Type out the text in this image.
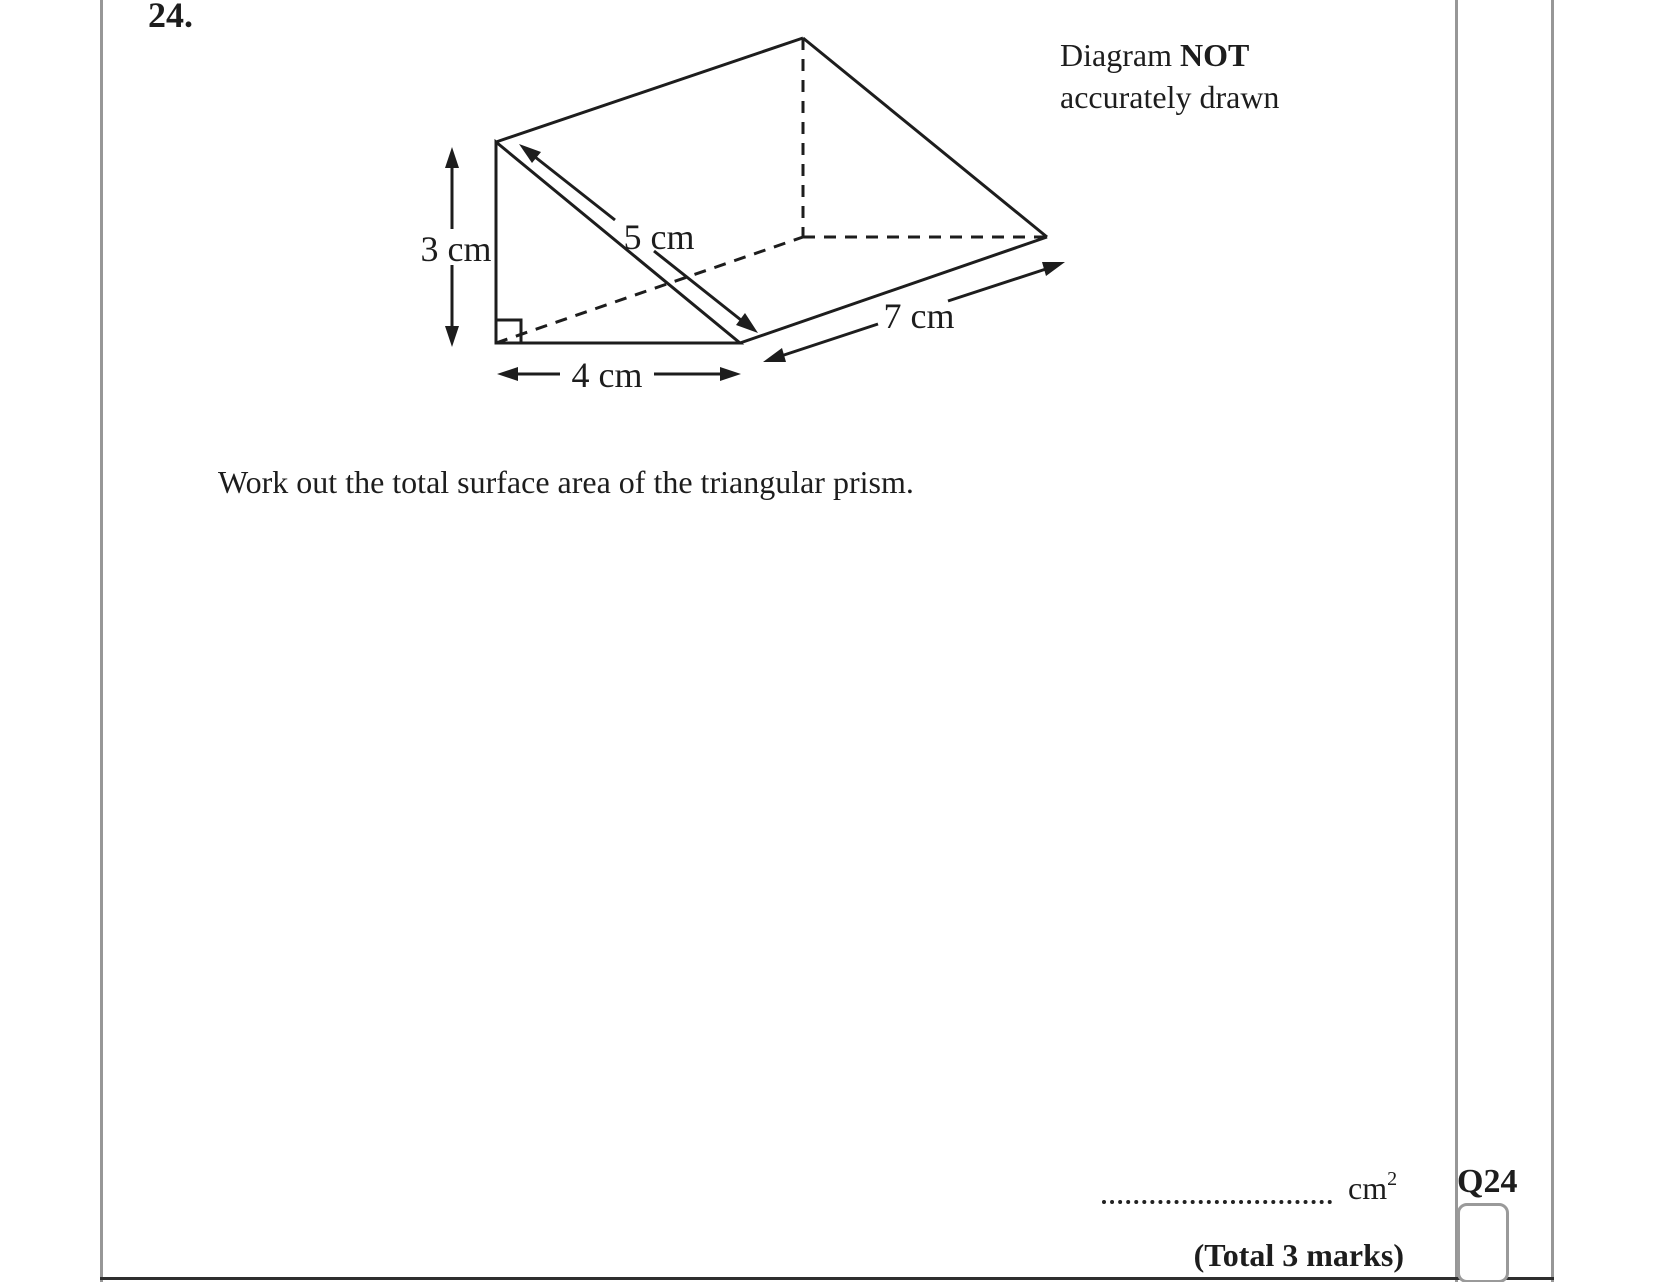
24.
Diagram NOT
accurately drawn
3 cm
4 cm
5 cm
7 cm
Work out the total surface area of the triangular prism.
$cm^2$ Q24
(Total 3 marks)
